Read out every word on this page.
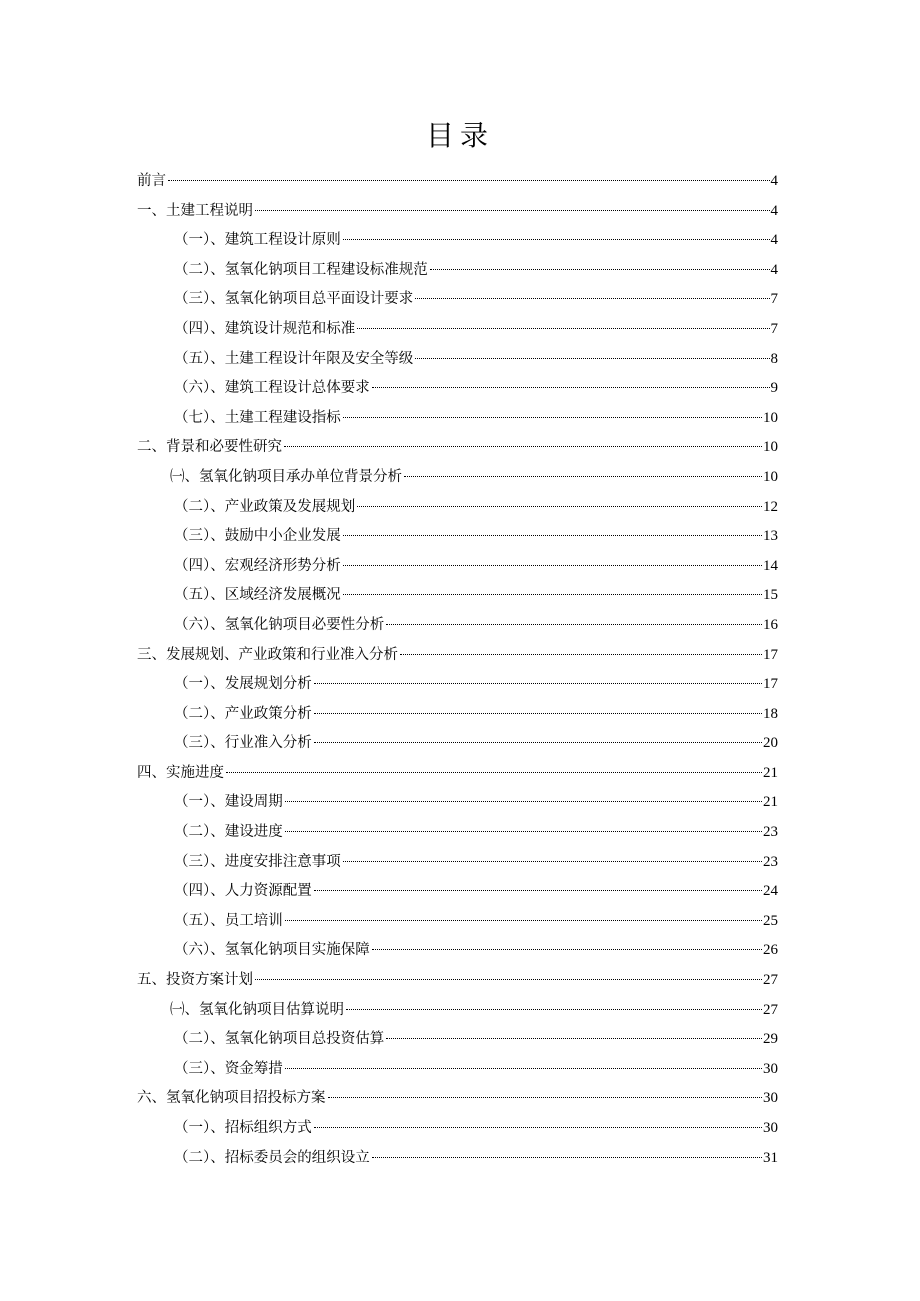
目录
前言	4
一、土建工程说明	4
（一）、建筑工程设计原则	4
（二）、氢氧化钠项目工程建设标准规范	4
（三）、氢氧化钠项目总平面设计要求	7
（四）、建筑设计规范和标准	7
（五）、土建工程设计年限及安全等级	8
（六）、建筑工程设计总体要求	9
（七）、土建工程建设指标	10
二、背景和必要性研究	10
㈠、氢氧化钠项目承办单位背景分析	10
（二）、产业政策及发展规划	12
（三）、鼓励中小企业发展	13
（四）、宏观经济形势分析	14
（五）、区域经济发展概况	15
（六）、氢氧化钠项目必要性分析	16
三、发展规划、产业政策和行业准入分析	17
（一）、发展规划分析	17
（二）、产业政策分析	18
（三）、行业准入分析	20
四、实施进度	21
（一）、建设周期	21
（二）、建设进度	23
（三）、进度安排注意事项	23
（四）、人力资源配置	24
（五）、员工培训	25
（六）、氢氧化钠项目实施保障	26
五、投资方案计划	27
㈠、氢氧化钠项目估算说明	27
（二）、氢氧化钠项目总投资估算	29
（三）、资金筹措	30
六、氢氧化钠项目招投标方案	30
（一）、招标组织方式	30
（二）、招标委员会的组织设立	31
